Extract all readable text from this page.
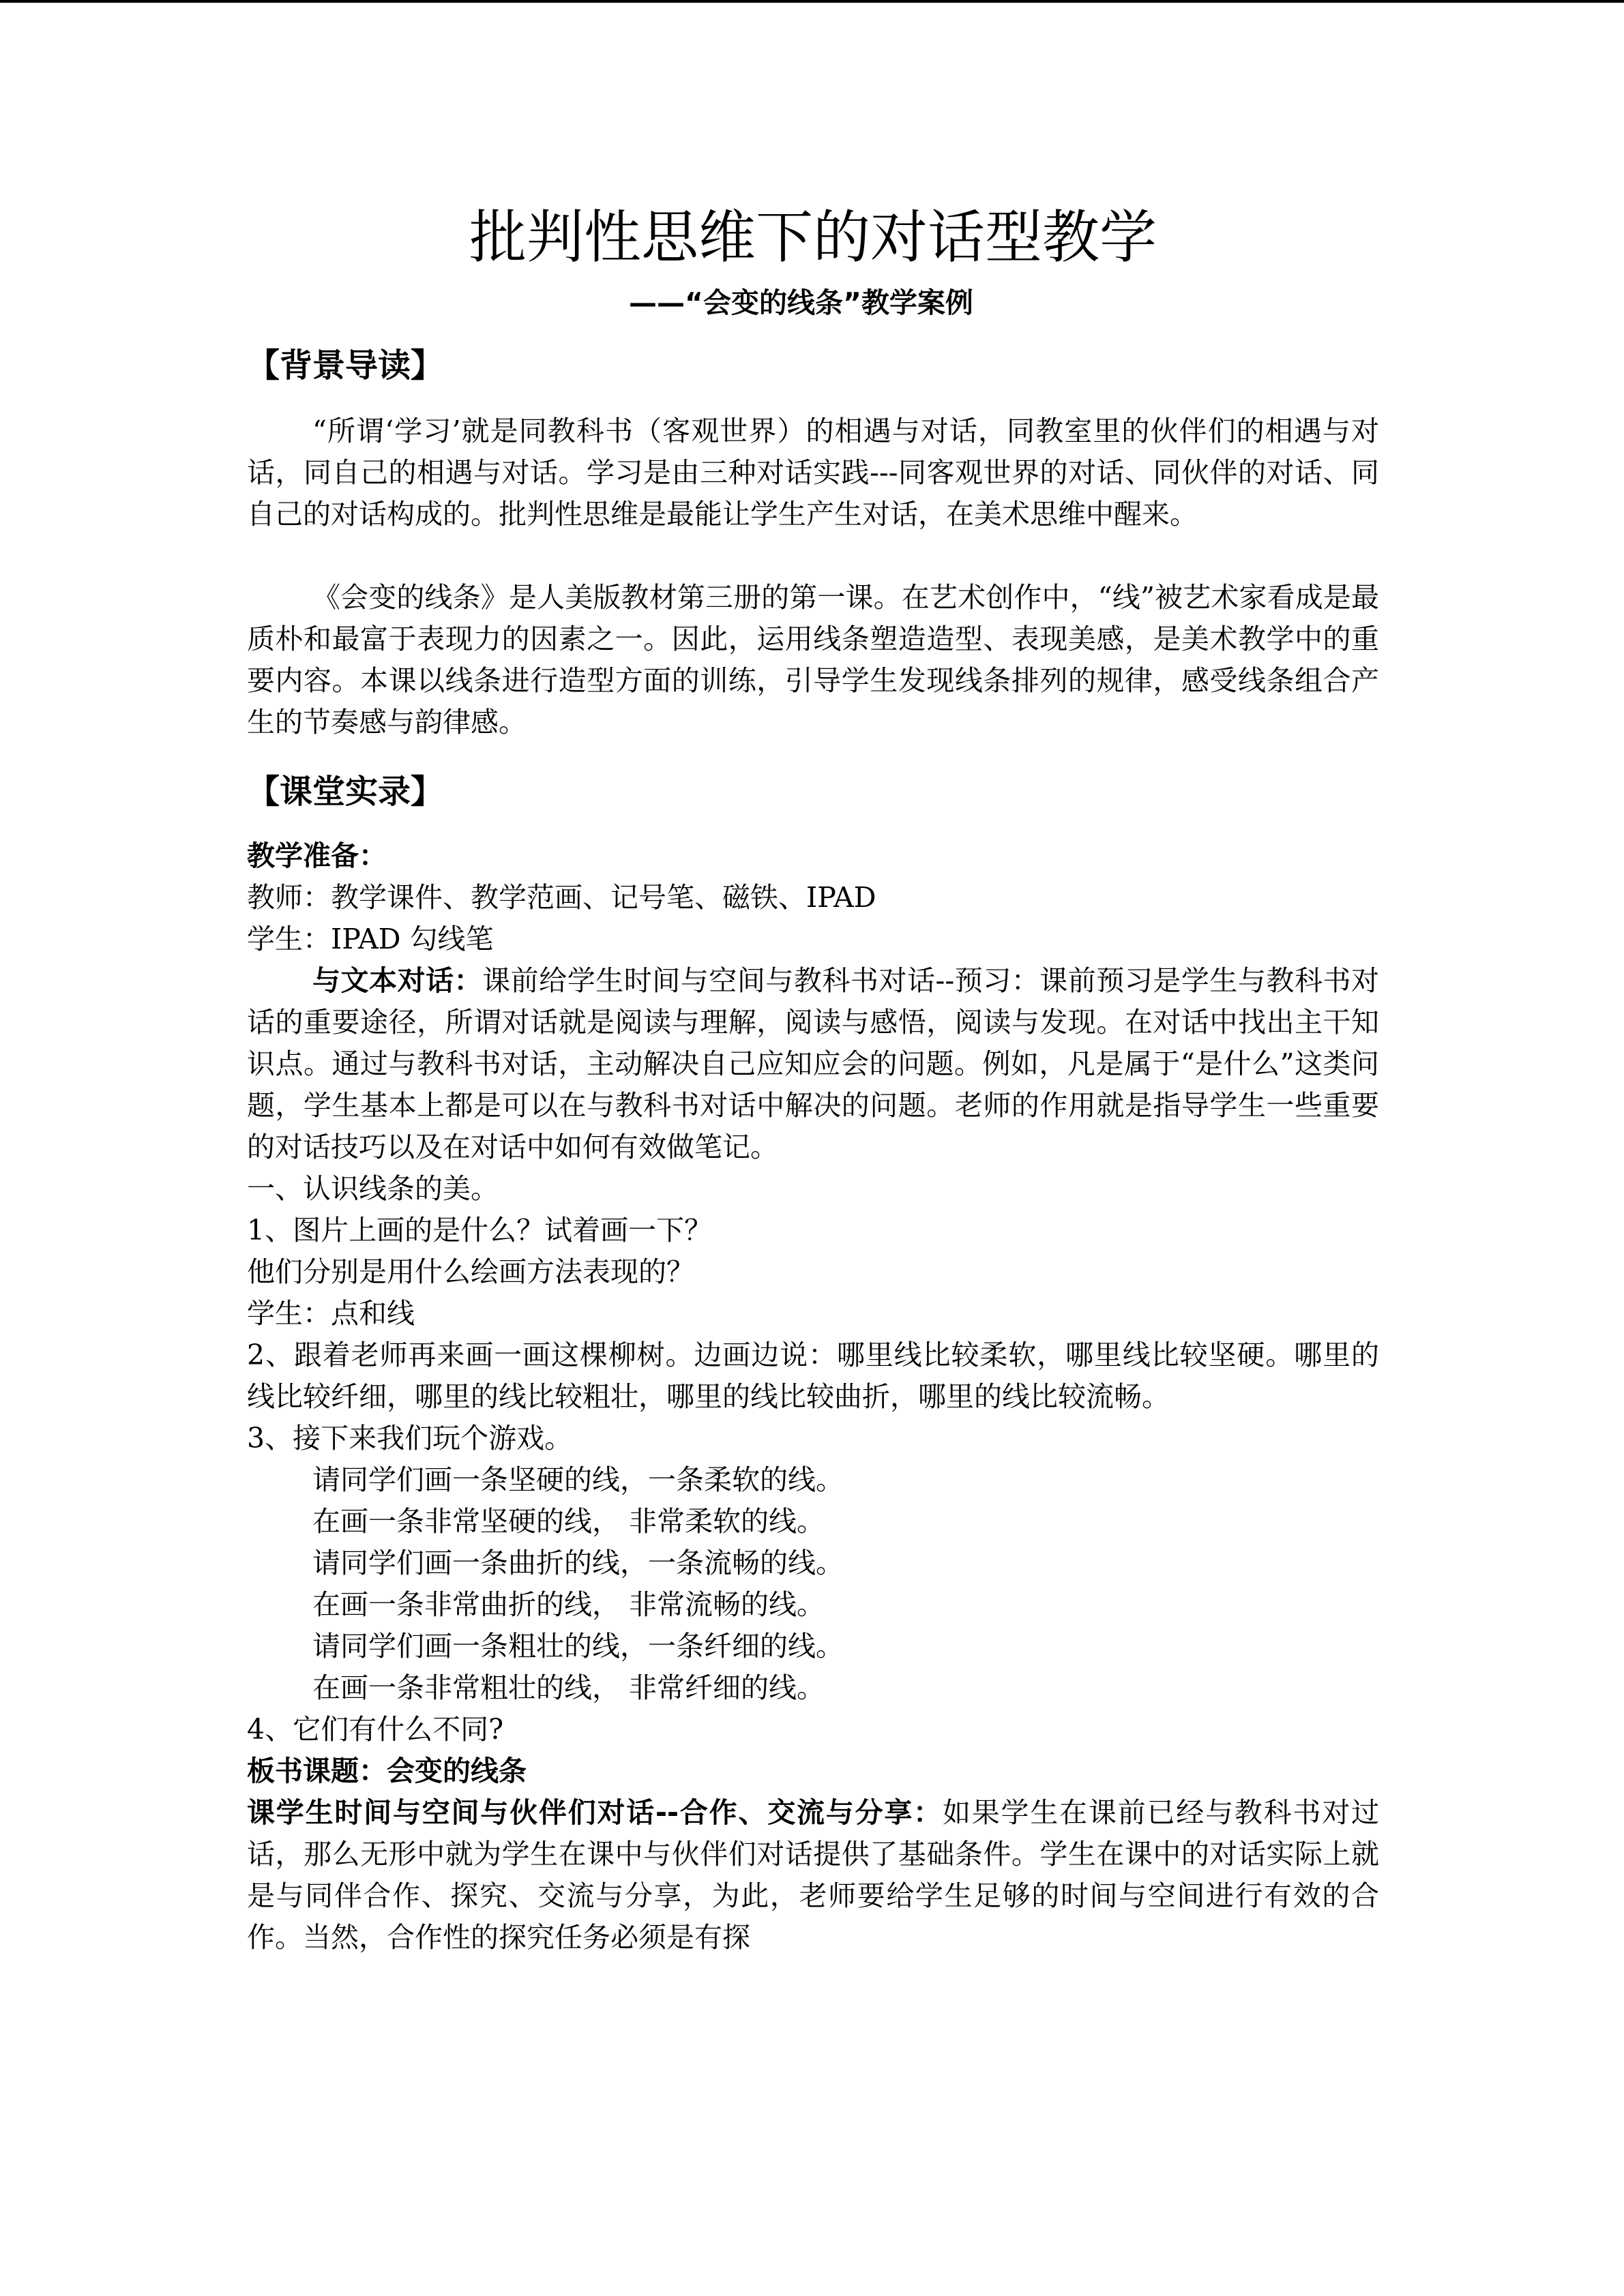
批判性思维下的对话型教学
——“会变的线条”教学案例
【背景导读】
“所谓‘学习’就是同教科书（客观世界）的相遇与对话，同教室里的伙伴们的相遇与对话，同自己的相遇与对话。学习是由三种对话实践---同客观世界的对话、同伙伴的对话、同自己的对话构成的。批判性思维是最能让学生产生对话，在美术思维中醒来。
《会变的线条》是人美版教材第三册的第一课。在艺术创作中，“线”被艺术家看成是最质朴和最富于表现力的因素之一。因此，运用线条塑造造型、表现美感，是美术教学中的重要内容。本课以线条进行造型方面的训练，引导学生发现线条排列的规律，感受线条组合产生的节奏感与韵律感。
【课堂实录】
教学准备：
教师：教学课件、教学范画、记号笔、磁铁、IPAD
学生：IPAD 勾线笔
与文本对话：课前给学生时间与空间与教科书对话--预习：课前预习是学生与教科书对话的重要途径，所谓对话就是阅读与理解，阅读与感悟，阅读与发现。在对话中找出主干知识点。通过与教科书对话，主动解决自己应知应会的问题。例如，凡是属于“是什么”这类问题，学生基本上都是可以在与教科书对话中解决的问题。老师的作用就是指导学生一些重要的对话技巧以及在对话中如何有效做笔记。
一、认识线条的美。
1、图片上画的是什么？试着画一下？
他们分别是用什么绘画方法表现的？
学生：点和线
2、跟着老师再来画一画这棵柳树。边画边说：哪里线比较柔软，哪里线比较坚硬。哪里的线比较纤细，哪里的线比较粗壮，哪里的线比较曲折，哪里的线比较流畅。
3、接下来我们玩个游戏。
请同学们画一条坚硬的线，一条柔软的线。
在画一条非常坚硬的线， 非常柔软的线。
请同学们画一条曲折的线，一条流畅的线。
在画一条非常曲折的线， 非常流畅的线。
请同学们画一条粗壮的线，一条纤细的线。
在画一条非常粗壮的线， 非常纤细的线。
4、它们有什么不同?
板书课题：会变的线条
课学生时间与空间与伙伴们对话--合作、交流与分享：如果学生在课前已经与教科书对过话，那么无形中就为学生在课中与伙伴们对话提供了基础条件。学生在课中的对话实际上就是与同伴合作、探究、交流与分享，为此，老师要给学生足够的时间与空间进行有效的合作。当然，合作性的探究任务必须是有探
